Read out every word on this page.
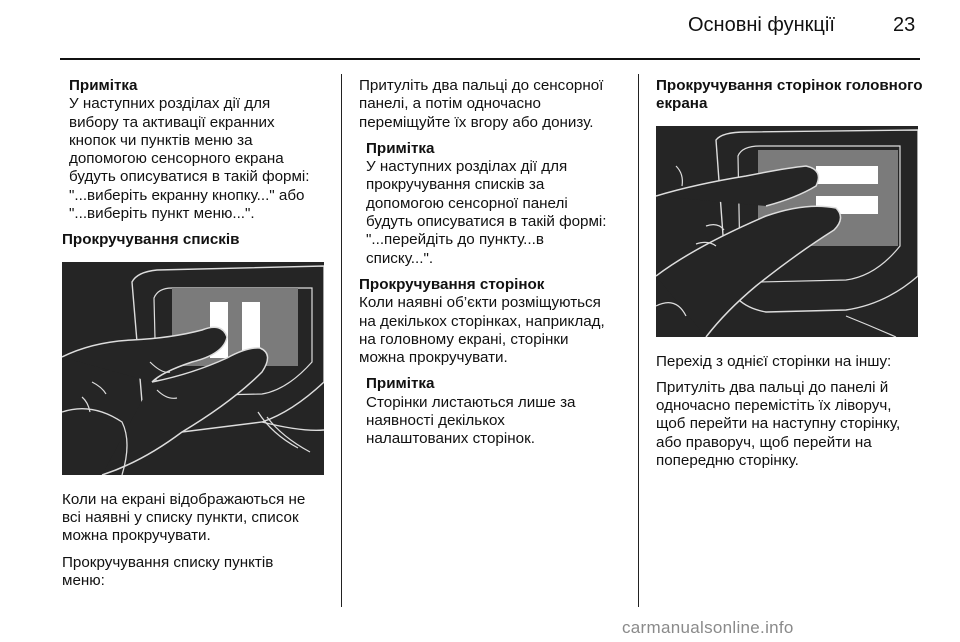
Основні функції	23
Примітка
У наступних розділах дії для
вибору та активації екранних
кнопок чи пунктів меню за
допомогою сенсорного екрана
будуть описуватися в такій формі:
"...виберіть екранну кнопку..." або
"...виберіть пункт меню...".
Прокручування списків

Коли на екрані відображаються не

всі наявні у списку пункти, список

можна прокручувати.

Прокручування списку пунктів

меню:

Притуліть два пальці до сенсорної

панелі, а потім одночасно

переміщуйте їх вгору або донизу.

Примітка
У наступних розділах дії для
прокручування списків за
допомогою сенсорної панелі
будуть описуватися в такій формі:
"...перейдіть до пункту...в
списку...".
Прокручування сторінок

Коли наявні об’єкти розміщуються

на декількох сторінках, наприклад,

на головному екрані, сторінки

можна прокручувати.

Примітка
Сторінки листаються лише за
наявності декількох
налаштованих сторінок.
Прокручування сторінок головного
екрана

Перехід з однієї сторінки на іншу:

Притуліть два пальці до панелі й

одночасно перемістіть їх ліворуч,

щоб перейти на наступну сторінку,

або праворуч, щоб перейти на

попередню сторінку.

carmanualsonline.info
